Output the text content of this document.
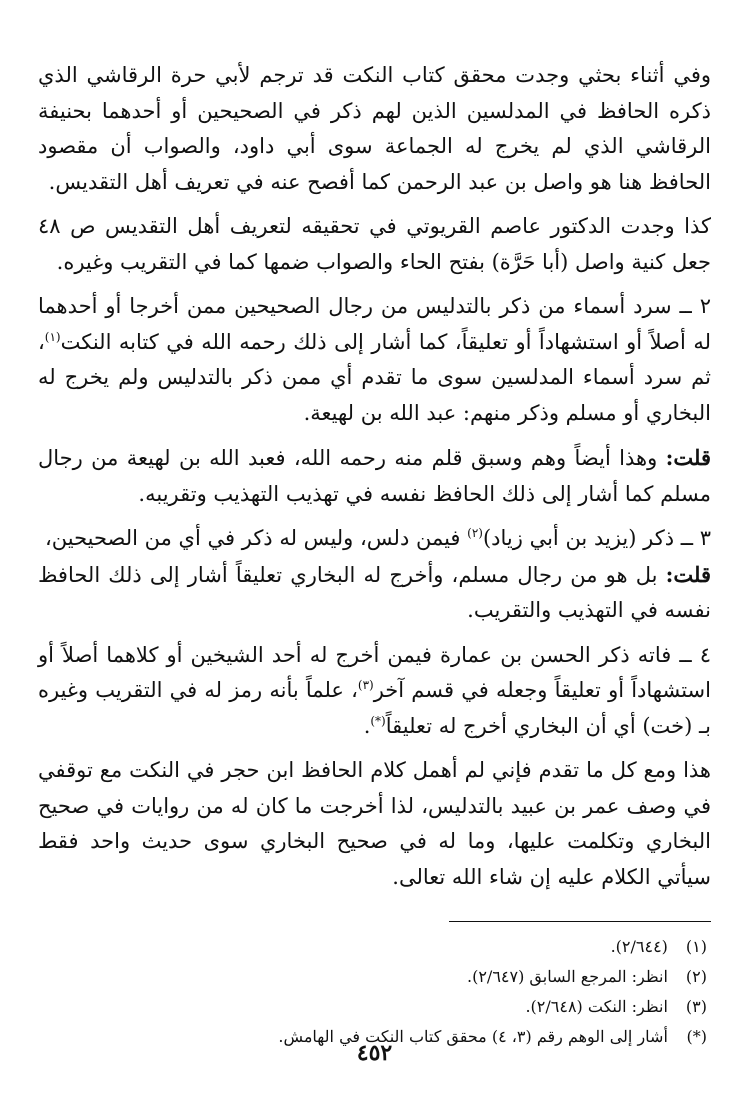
وفي أثناء بحثي وجدت محقق كتاب النكت قد ترجم لأبي حرة الرقاشي الذي ذكره الحافظ في المدلسين الذين لهم ذكر في الصحيحين أو أحدهما بحنيفة الرقاشي الذي لم يخرج له الجماعة سوى أبي داود، والصواب أن مقصود الحافظ هنا هو واصل بن عبد الرحمن كما أفصح عنه في تعريف أهل التقديس.

كذا وجدت الدكتور عاصم القريوتي في تحقيقه لتعريف أهل التقديس ص ٤٨ جعل كنية واصل (أبا حَرَّة) بفتح الحاء والصواب ضمها كما في التقريب وغيره.

٢ ــ سرد أسماء من ذكر بالتدليس من رجال الصحيحين ممن أخرجا أو أحدهما له أصلاً أو استشهاداً أو تعليقاً، كما أشار إلى ذلك رحمه الله في كتابه النكت$^{(١)}$، ثم سرد أسماء المدلسين سوى ما تقدم أي ممن ذكر بالتدليس ولم يخرج له البخاري أو مسلم وذكر منهم: عبد الله بن لهيعة.

قلت: وهذا أيضاً وهم وسبق قلم منه رحمه الله، فعبد الله بن لهيعة من رجال مسلم كما أشار إلى ذلك الحافظ نفسه في تهذيب التهذيب وتقريبه.

٣ ــ ذكر (يزيد بن أبي زياد)$^{(٢)}$ فيمن دلس، وليس له ذكر في أي من الصحيحين،

قلت: بل هو من رجال مسلم، وأخرج له البخاري تعليقاً أشار إلى ذلك الحافظ نفسه في التهذيب والتقريب.

٤ ــ فاته ذكر الحسن بن عمارة فيمن أخرج له أحد الشيخين أو كلاهما أصلاً أو استشهاداً أو تعليقاً وجعله في قسم آخر$^{(٣)}$، علماً بأنه رمز له في التقريب وغيره بـ (خت) أي أن البخاري أخرج له تعليقاً(*).

هذا ومع كل ما تقدم فإني لم أهمل كلام الحافظ ابن حجر في النكت مع توقفي في وصف عمر بن عبيد بالتدليس، لذا أخرجت ما كان له من روايات في صحيح البخاري وتكلمت عليها، وما له في صحيح البخاري سوى حديث واحد فقط سيأتي الكلام عليه إن شاء الله تعالى.

(١) (٢/٦٤٤).
(٢) انظر: المرجع السابق (٢/٦٤٧).
(٣) انظر: النكت (٢/٦٤٨).
(*) أشار إلى الوهم رقم (٣، ٤) محقق كتاب النكت في الهامش.
٤٥٢
